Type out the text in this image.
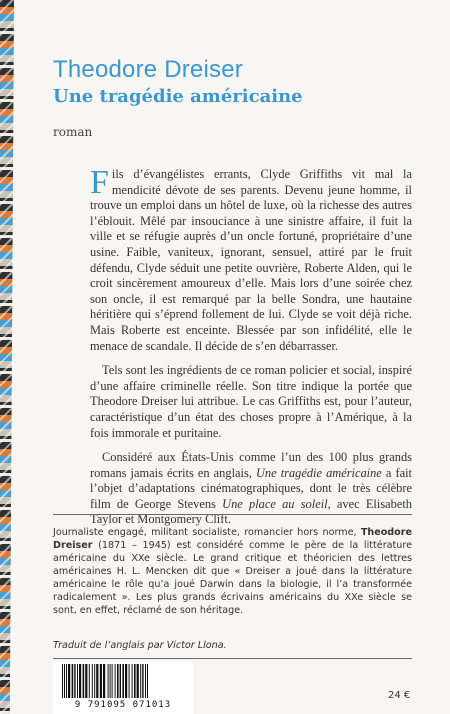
Theodore Dreiser
Une tragédie américaine

roman

Fils d’évangélistes errants, Clyde Griffiths vit mal la mendicité dévote de ses parents. Devenu jeune homme, il trouve un emploi dans un hôtel de luxe, où la richesse des autres l’éblouit. Mêlé par insouciance à une sinistre affaire, il fuit la ville et se réfugie auprès d’un oncle fortuné, propriétaire d’une usine. Faible, vaniteux, ignorant, sensuel, attiré par le fruit défendu, Clyde séduit une petite ouvrière, Roberte Alden, qui le croit sincèrement amoureux d’elle. Mais lors d’une soirée chez son oncle, il est remarqué par la belle Sondra, une hautaine héritière qui s’éprend follement de lui. Clyde se voit déjà riche. Mais Roberte est enceinte. Blessée par son infidélité, elle le menace de scandale. Il décide de s’en débarrasser.

Tels sont les ingrédients de ce roman policier et social, inspiré d’une affaire criminelle réelle. Son titre indique la portée que Theodore Dreiser lui attribue. Le cas Griffiths est, pour l’auteur, caractéristique d’un état des choses propre à l’Amérique, à la fois immorale et puritaine.

Considéré aux États-Unis comme l’un des 100 plus grands romans jamais écrits en anglais, Une tragédie américaine a fait l’objet d’adaptations cinématographiques, dont le très célèbre film de George Stevens Une place au soleil, avec Elisabeth Taylor et Montgomery Clift.

Journaliste engagé, militant socialiste, romancier hors norme, Theodore Dreiser (1871 – 1945) est considéré comme le père de la littérature américaine du XXe siècle. Le grand critique et théoricien des lettres américaines H. L. Mencken dit que « Dreiser a joué dans la littérature américaine le rôle qu’a joué Darwin dans la biologie, il l’a transformée radicalement ». Les plus grands écrivains américains du XXe siècle se sont, en effet, réclamé de son héritage.

Traduit de l’anglais par Victor Llona.

9 791095 071013

24 €
